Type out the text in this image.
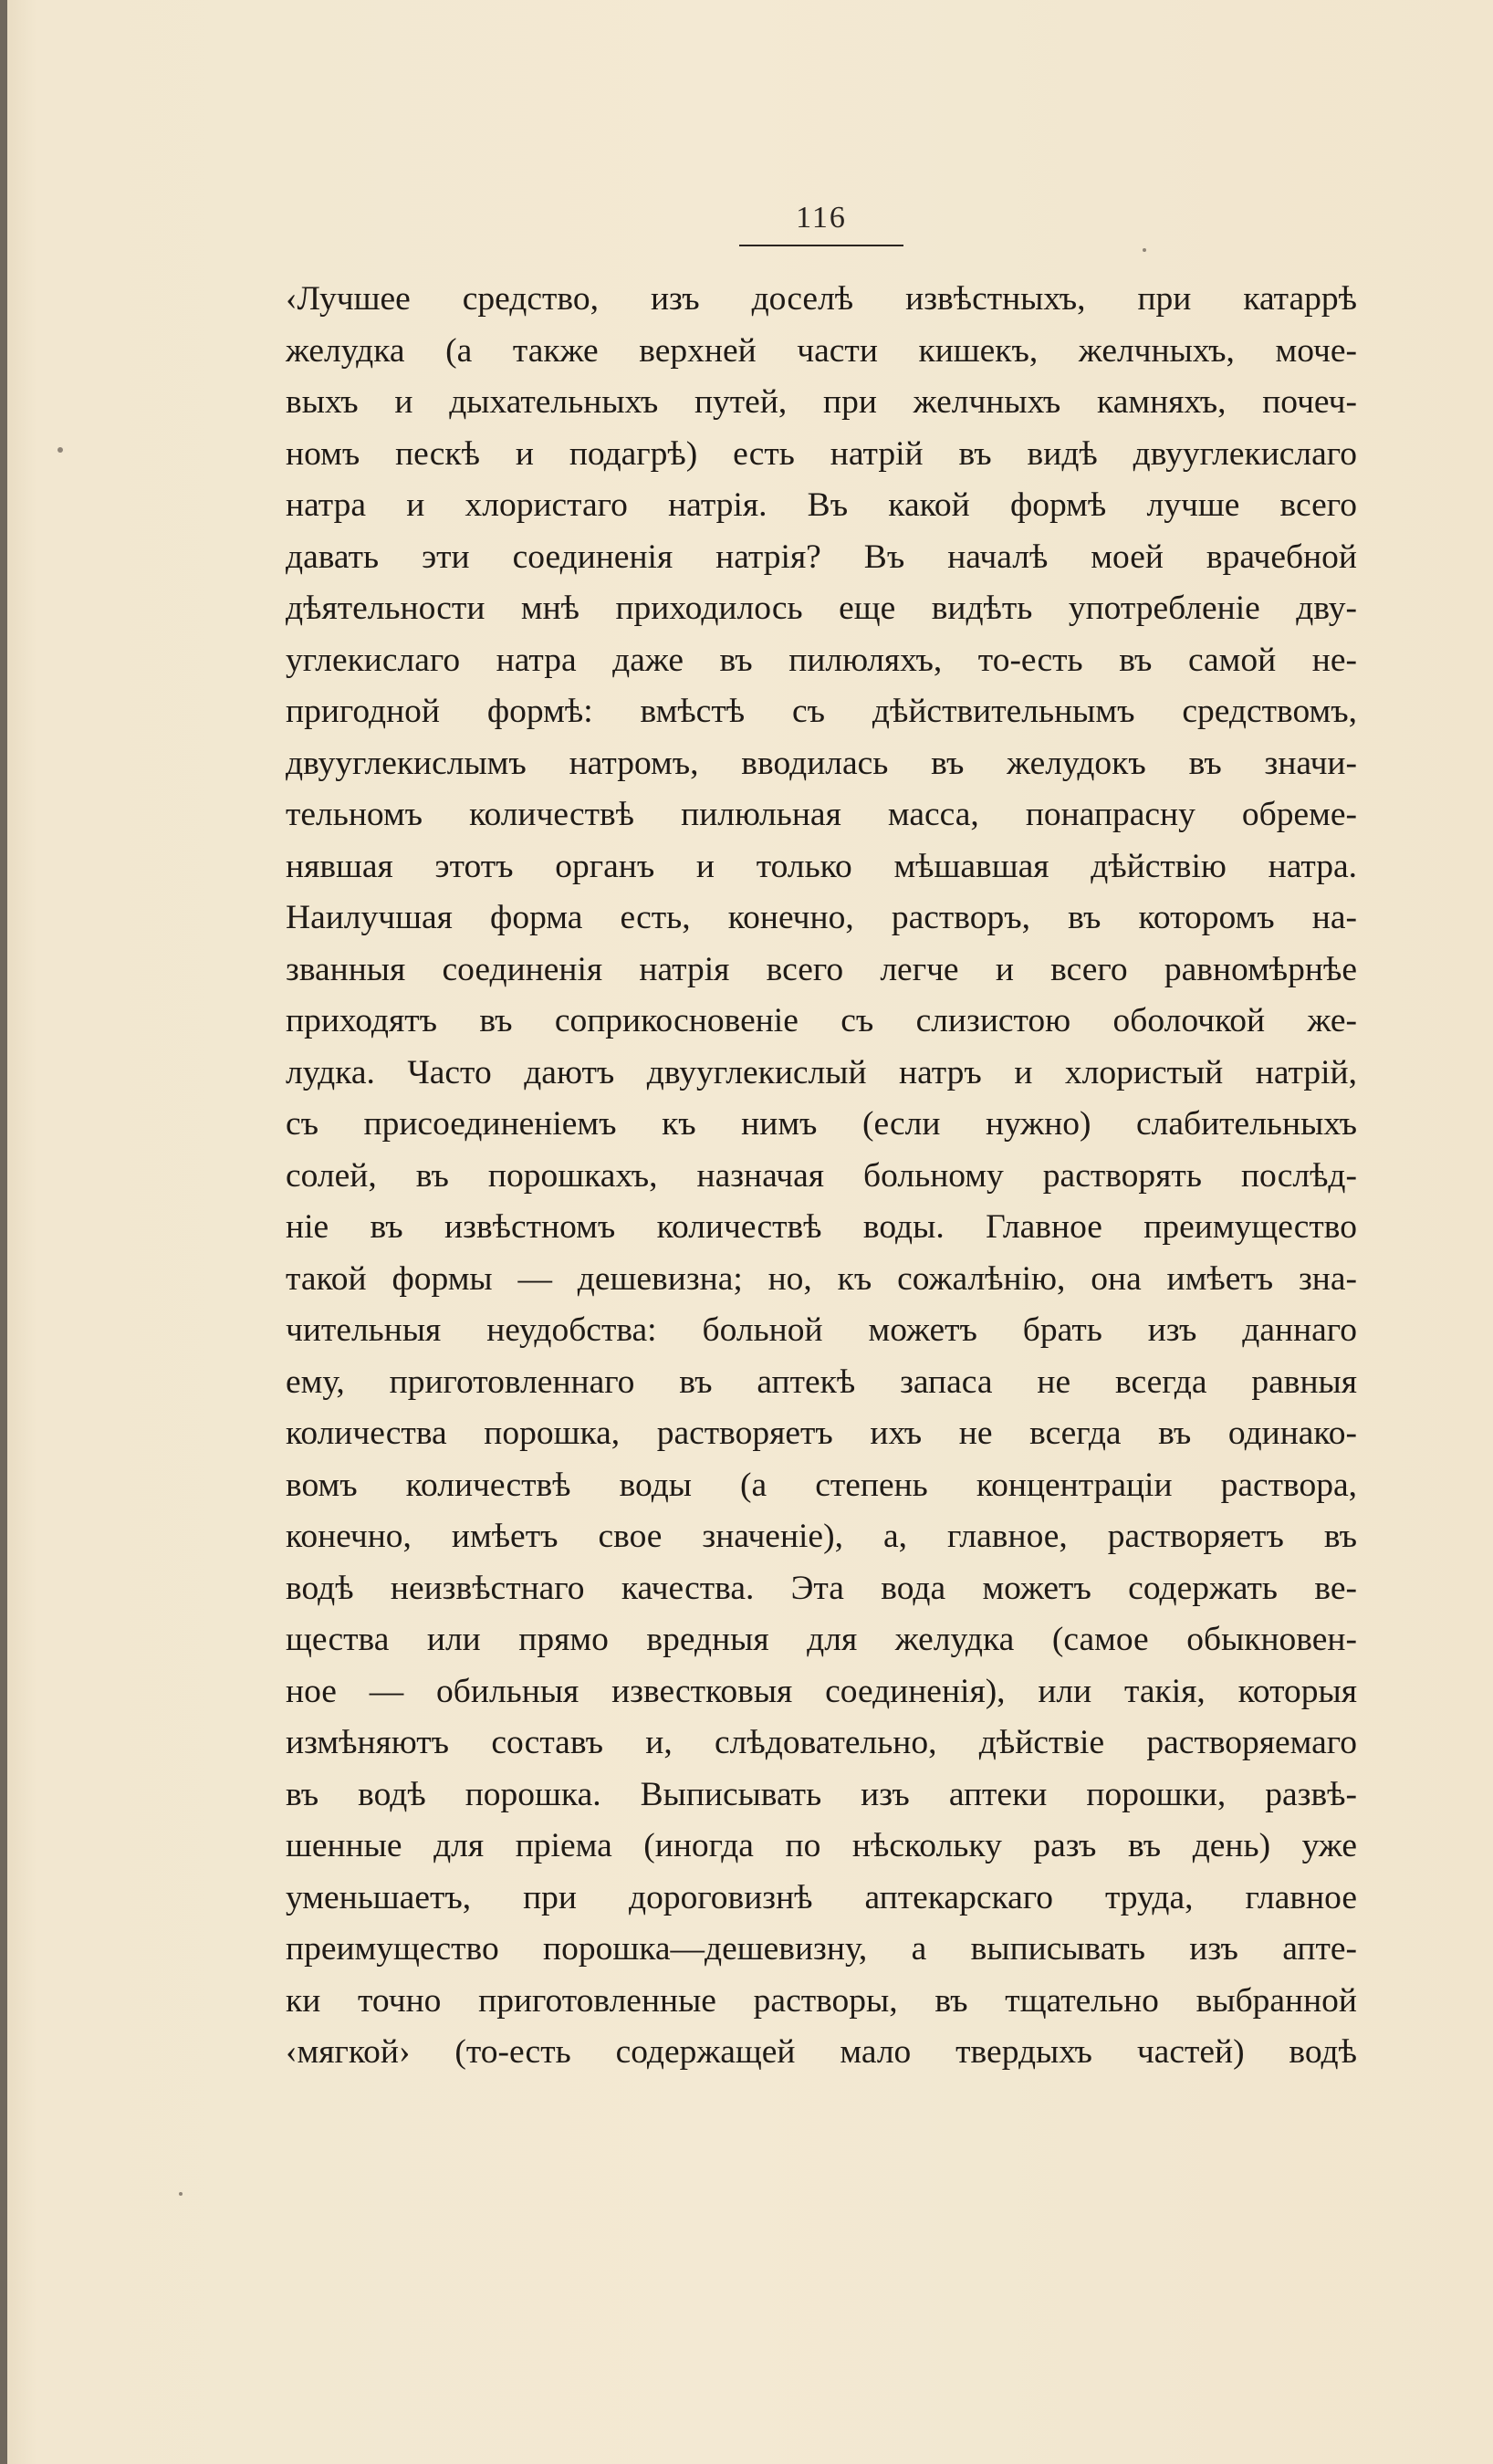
116
‹Лучшее средство, изъ доселѣ извѣстныхъ, при катаррѣ
желудка (а также верхней части кишекъ, желчныхъ, моче-
выхъ и дыхательныхъ путей, при желчныхъ камняхъ, почеч-
номъ пескѣ и подагрѣ) есть натрій въ видѣ двууглекислаго
натра и хлористаго натрія. Въ какой формѣ лучше всего
давать эти соединенія натрія? Въ началѣ моей врачебной
дѣятельности мнѣ приходилось еще видѣть употребленіе дву-
углекислаго натра даже въ пилюляхъ, то-есть въ самой не-
пригодной формѣ: вмѣстѣ съ дѣйствительнымъ средствомъ,
двууглекислымъ натромъ, вводилась въ желудокъ въ значи-
тельномъ количествѣ пилюльная масса, понапрасну обреме-
нявшая этотъ органъ и только мѣшавшая дѣйствію натра.
Наилучшая форма есть, конечно, растворъ, въ которомъ на-
званныя соединенія натрія всего легче и всего равномѣрнѣе
приходятъ въ соприкосновеніе съ слизистою оболочкой же-
лудка. Часто даютъ двууглекислый натръ и хлористый натрій,
съ присоединеніемъ къ нимъ (если нужно) слабительныхъ
солей, въ порошкахъ, назначая больному растворять послѣд-
ніе въ извѣстномъ количествѣ воды. Главное преимущество
такой формы — дешевизна; но, къ сожалѣнію, она имѣетъ зна-
чительныя неудобства: больной можетъ брать изъ даннаго
ему, приготовленнаго въ аптекѣ запаса не всегда равныя
количества порошка, растворяетъ ихъ не всегда въ одинако-
вомъ количествѣ воды (а степень концентраціи раствора,
конечно, имѣетъ свое значеніе), а, главное, растворяетъ въ
водѣ неизвѣстнаго качества. Эта вода можетъ содержать ве-
щества или прямо вредныя для желудка (самое обыкновен-
ное — обильныя известковыя соединенія), или такія, которыя
измѣняютъ составъ и, слѣдовательно, дѣйствіе растворяемаго
въ водѣ порошка. Выписывать изъ аптеки порошки, развѣ-
шенные для пріема (иногда по нѣскольку разъ въ день) уже
уменьшаетъ, при дороговизнѣ аптекарскаго труда, главное
преимущество порошка—дешевизну, а выписывать изъ апте-
ки точно приготовленные растворы, въ тщательно выбранной
‹мягкой› (то-есть содержащей мало твердыхъ частей) водѣ
